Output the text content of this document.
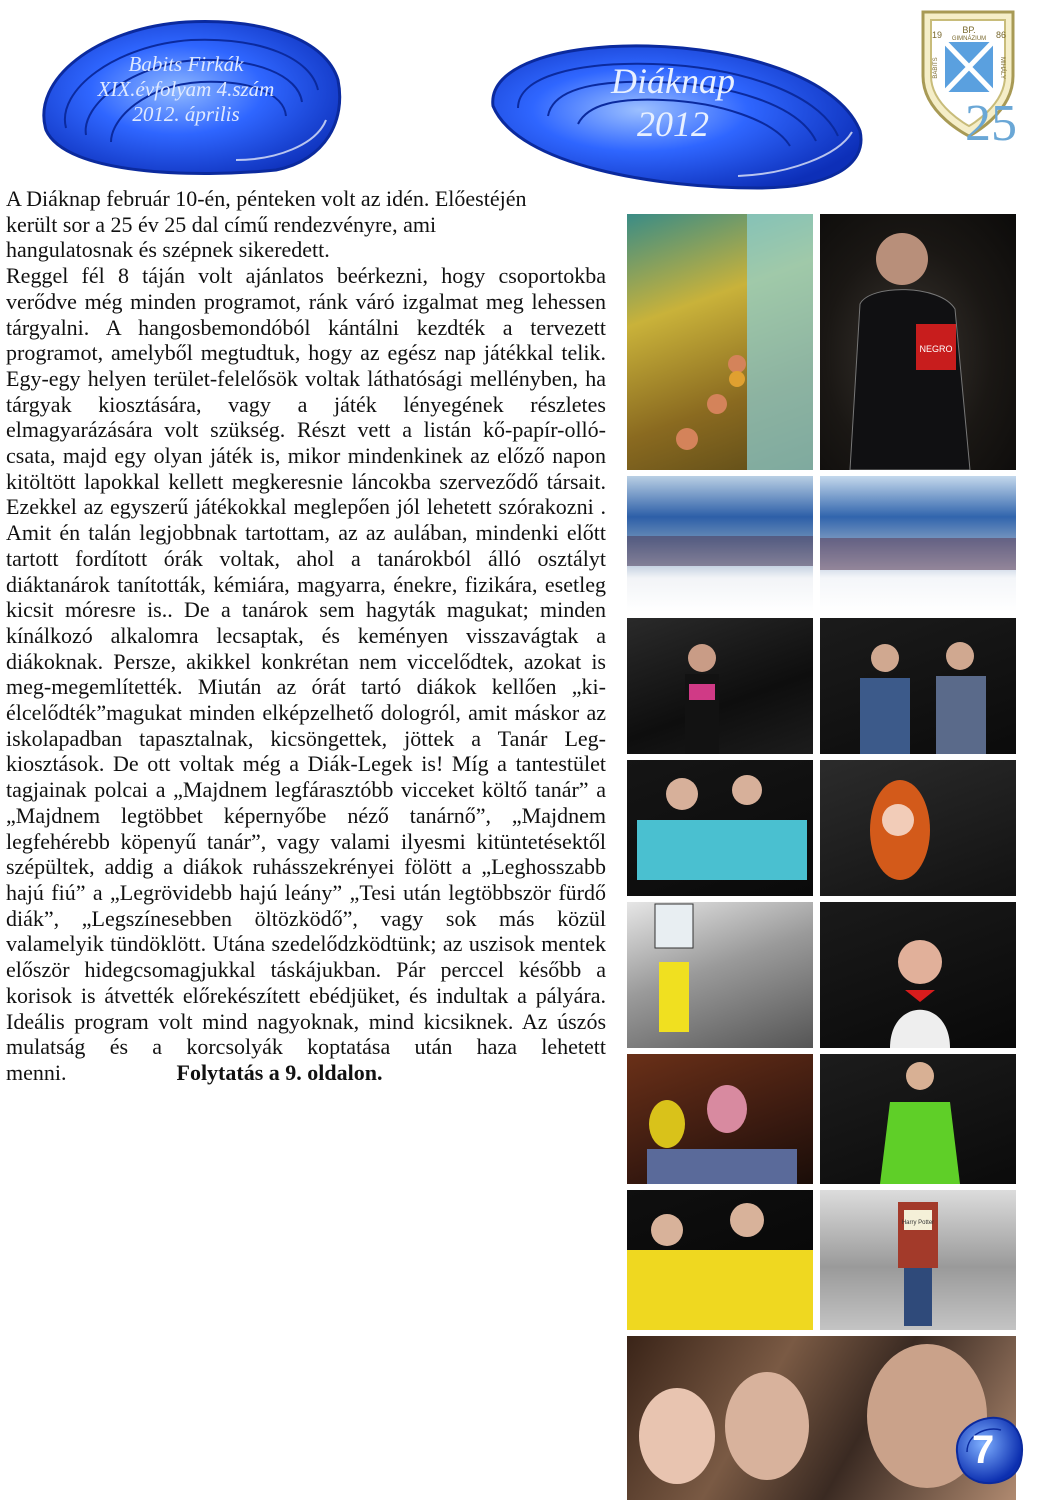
Babits Firkák
XIX.évfolyam 4.szám
2012. április
Diáknap
2012
BP.
19	86
GIMNÁZIUM
BABITS	MIHÁLY
25

A Diáknap február 10-én, pénteken volt az idén. Előestéjén került sor a 25 év 25 dal című rendezvényre, ami hangulatosnak és szépnek sikeredett.

Reggel fél 8 táján volt ajánlatos beérkezni, hogy csoportokba verődve még minden programot, ránk váró izgalmat meg lehessen tárgyalni. A hangosbemondóból kántálni kezdték a tervezett programot, amelyből megtudtuk, hogy az egész nap játékkal telik. Egy-egy helyen terület-felelősök voltak láthatósági mellényben, ha tárgyak kiosztására, vagy a játék lényegének részletes elmagyarázására volt szükség. Részt vett a listán kő-papír-olló-csata, majd egy olyan játék is, mikor mindenkinek az előző napon kitöltött lapokkal kellett megkeresnie láncokba szerveződő társait. Ezekkel az egyszerű játékokkal meglepően jól lehetett szórakozni . Amit én talán legjobbnak tartottam, az az aulában, mindenki előtt tartott fordított órák voltak, ahol a tanárokból álló osztályt diáktanárok tanították, kémiára, magyarra, énekre, fizikára, esetleg kicsit móresre is.. De a tanárok sem hagyták magukat; minden kínálkozó alkalomra lecsaptak, és keményen visszavágtak a diákoknak. Persze, akikkel konkrétan nem viccelődtek, azokat is meg-megemlítették. Miután az órát tartó diákok kellően „ki-élcelődték”magukat minden elképzelhető dologról, amit máskor az iskolapadban tapasztalnak, kicsöngettek, jöttek a Tanár Leg-kiosztások. De ott voltak még a Diák-Legek is! Míg a tantestület tagjainak polcai a „Majdnem legfárasztóbb vicceket költő tanár” a „Majdnem legtöbbet képernyőbe néző tanárnő”, „Majdnem legfehérebb köpenyű tanár”, vagy valami ilyesmi kitüntetésektől szépültek, addig a diákok ruhásszekrényei fölött a „Leghosszabb hajú fiú” a „Legrövidebb hajú leány” „Tesi után legtöbbször fürdő diák”, „Legszínesebben öltözködő”, vagy sok más közül valamelyik tündöklött. Utána szedelődzködtünk; az uszisok mentek először hidegcsomagjukkal táskájukban. Pár perccel később a korisok is átvették előrekészített ebédjüket, és indultak a pályára. Ideális program volt mind nagyoknak, mind kicsiknek. Az úszós mulatság és a korcsolyák koptatása után haza lehetett menni.	Folytatás a 9. oldalon.

NEGRO
Harry Potter
7
